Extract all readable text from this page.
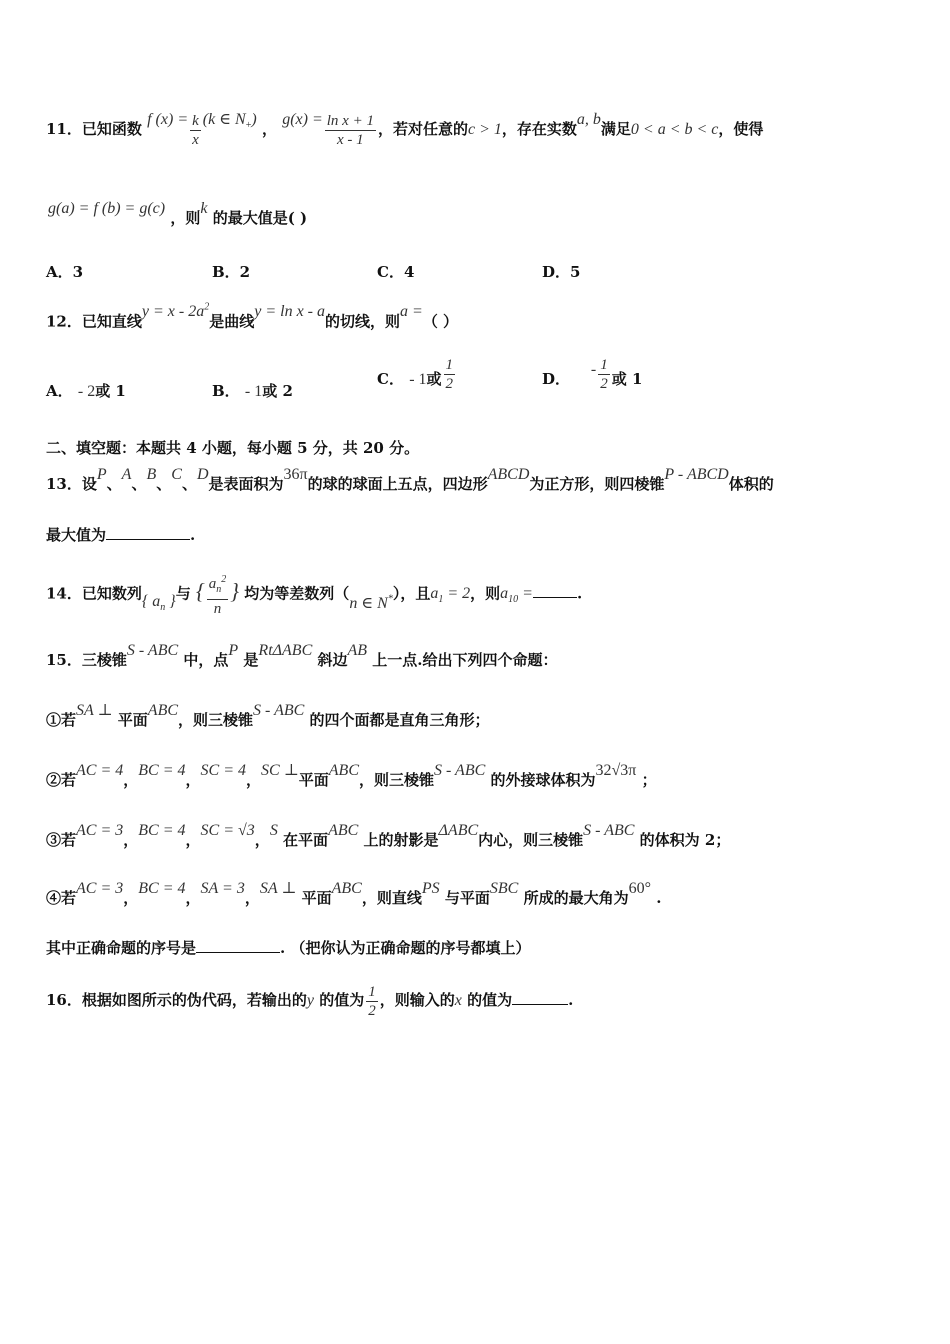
11．已知函数 f $(x) = \frac{k}{x} (k$ ∈ $N_+$) ， $g(x) = \frac{\text{ln x + 1}}{x - 1}$ ，若对任意的c > 1，存在实数a, b满足0 < a < b < c，使得
g(a) = f (b) = g(c) ，则k 的最大值是( )
A．3	B．2	C．4	D．5
12．已知直线$y = x - 2a^2$是曲线y = ln x - a的切线，则a =（ ）
A． - 2或 1	B． - 1或 2
C． - 1或 $\frac{1}{2}$	D．    - $\frac{1}{2}$ 或 1
二、填空题：本题共 4 小题，每小题 5 分，共 20 分。
13．设P、A、B、C、D是表面积为36π的球的球面上五点，四边形ABCD为正方形，则四棱锥P - ABCD体积的
最大值为	.
14．已知数列{ $a_n$ }与 { $\frac{a_n^2}{n}$ } 均为等差数列（n ∈ N*），且$a_1 = 2$，则$a_{10}$ =	.
15．三棱锥S - ABC 中，点P 是RtΔABC 斜边AB 上一点.给出下列四个命题：
①若SA ⊥ 平面ABC，则三棱锥S - ABC 的四个面都是直角三角形；
②若AC = 4，BC = 4，SC = 4，SC ⊥平面ABC，则三棱锥S - ABC 的外接球体积为32√3π ；
③若AC = 3，BC = 4，SC = √3，S 在平面ABC 上的射影是ΔABC内心，则三棱锥S - ABC 的体积为 2；
④若AC = 3，BC = 4，SA = 3，SA ⊥ 平面ABC，则直线PS 与平面SBC 所成的最大角为60° .
其中正确命题的序号是	. （把你认为正确命题的序号都填上）
16．根据如图所示的伪代码，若输出的y 的值为 $\frac{1}{2}$ ，则输入的x 的值为	.
